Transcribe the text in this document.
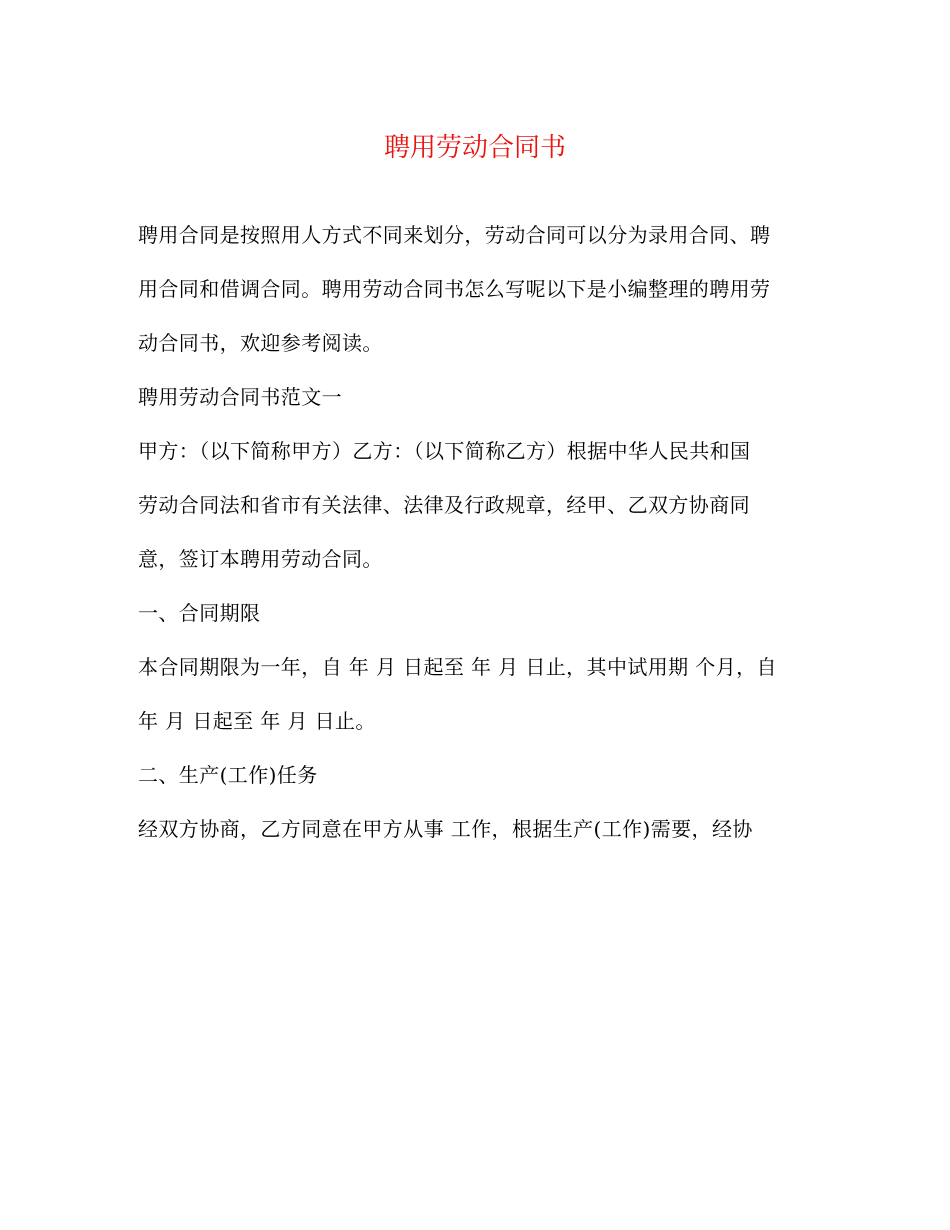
聘用劳动合同书
聘用合同是按照用人方式不同来划分，劳动合同可以分为录用合同、聘
用合同和借调合同。聘用劳动合同书怎么写呢以下是小编整理的聘用劳
动合同书，欢迎参考阅读。
聘用劳动合同书范文一
甲方：（以下简称甲方）乙方：（以下简称乙方）根据中华人民共和国
劳动合同法和省市有关法律、法律及行政规章，经甲、乙双方协商同
意，签订本聘用劳动合同。
一、合同期限
本合同期限为一年，自 年 月 日起至 年 月 日止，其中试用期 个月，自
年 月 日起至 年 月 日止。
二、生产(工作)任务
经双方协商，乙方同意在甲方从事 工作，根据生产(工作)需要，经协
